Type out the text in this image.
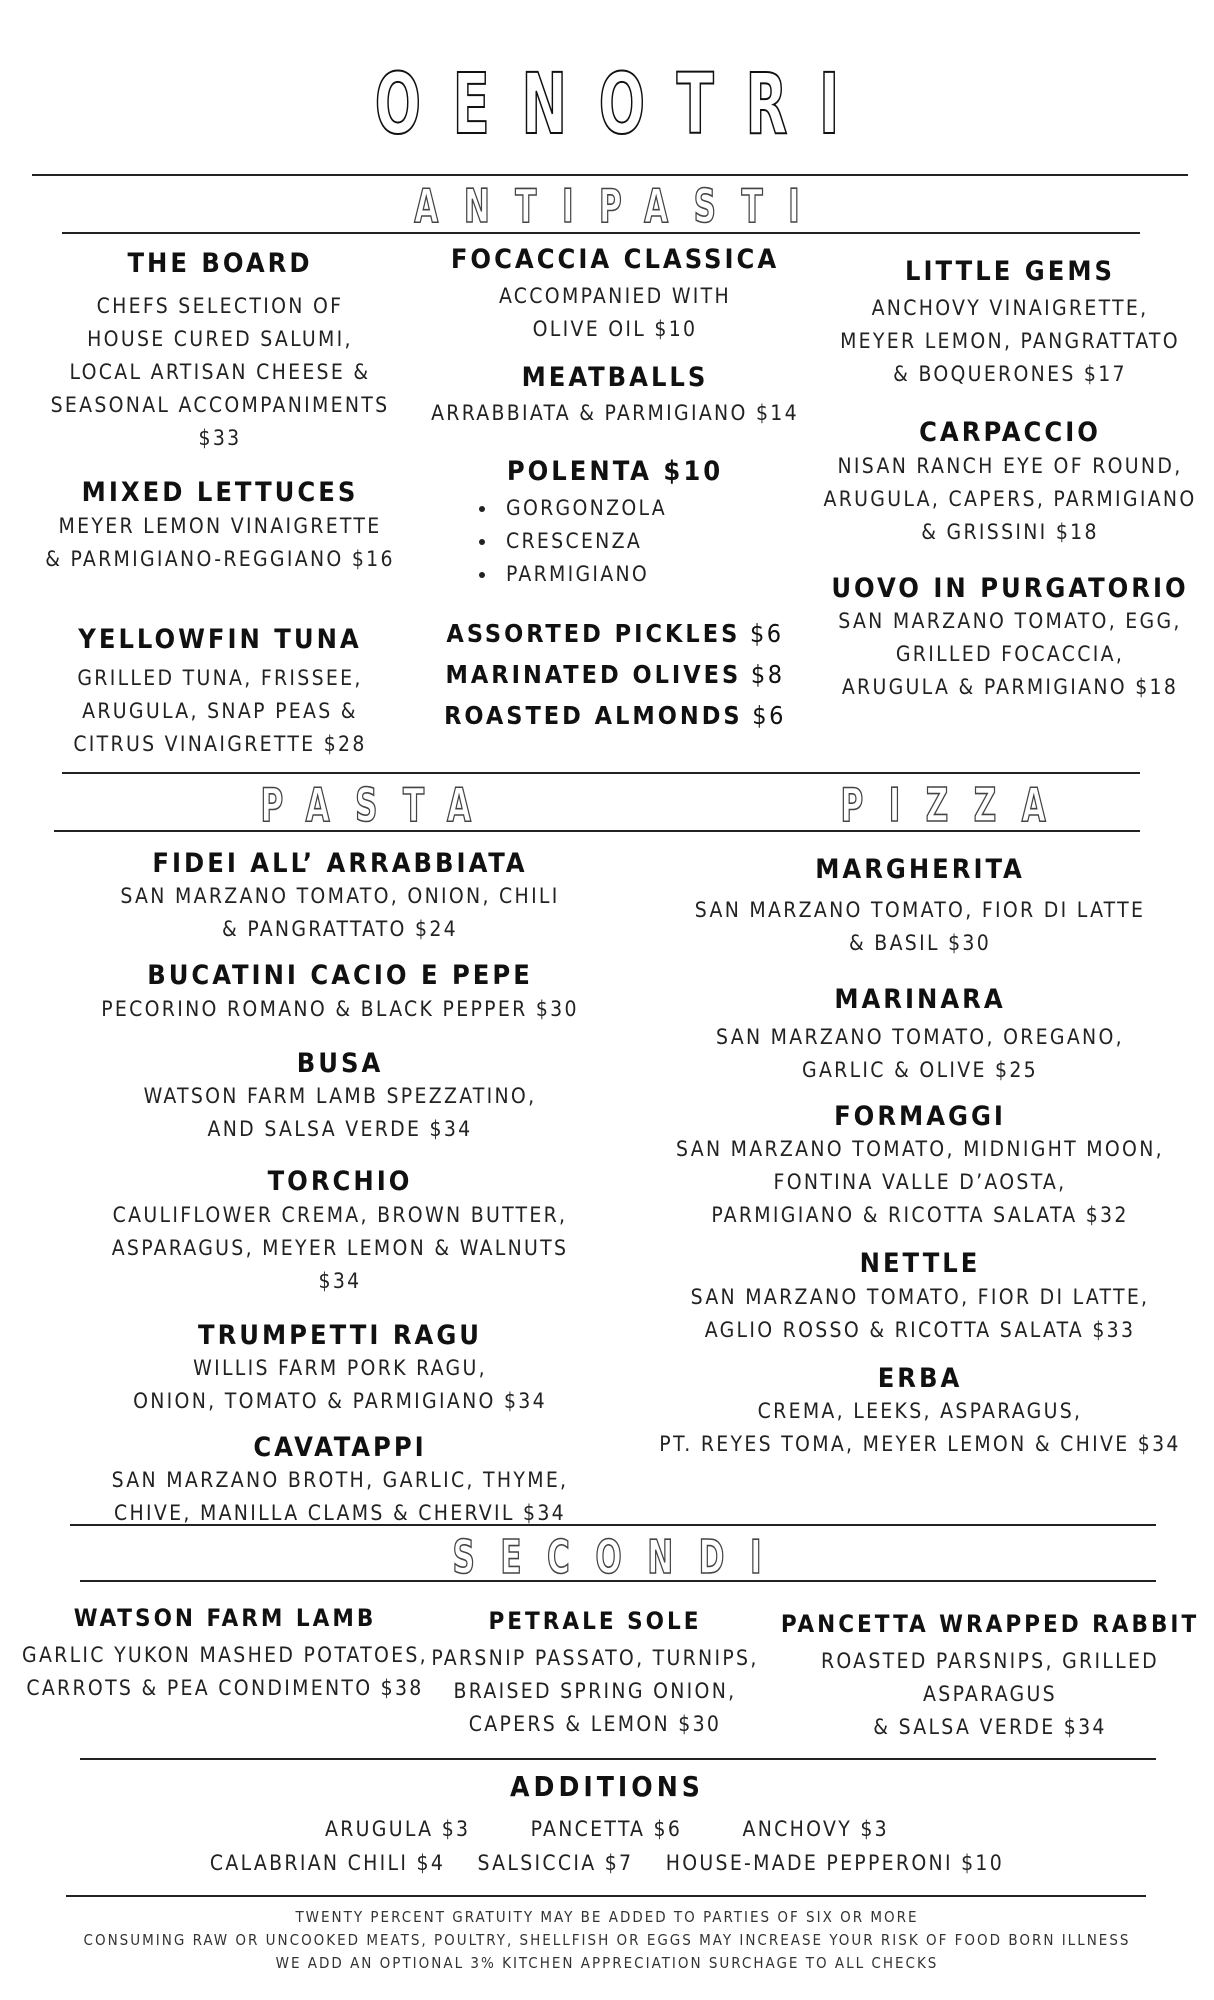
OENOTRI
ANTIPASTI
THE BOARD
CHEFS SELECTION OF
HOUSE CURED SALUMI,
LOCAL ARTISAN CHEESE &
SEASONAL ACCOMPANIMENTS $33
MIXED LETTUCES
MEYER LEMON VINAIGRETTE
& PARMIGIANO-REGGIANO $16
YELLOWFIN TUNA
GRILLED TUNA, FRISSEE,
ARUGULA, SNAP PEAS &
CITRUS VINAIGRETTE $28
FOCACCIA CLASSICA
ACCOMPANIED WITH
OLIVE OIL $10
MEATBALLS
ARRABBIATA & PARMIGIANO $14
POLENTA $10
• GORGONZOLA
• CRESCENZA
• PARMIGIANO
ASSORTED PICKLES $6
MARINATED OLIVES $8
ROASTED ALMONDS $6
LITTLE GEMS
ANCHOVY VINAIGRETTE,
MEYER LEMON, PANGRATTATO
& BOQUERONES $17
CARPACCIO
NISAN RANCH EYE OF ROUND,
ARUGULA, CAPERS, PARMIGIANO
& GRISSINI $18
UOVO IN PURGATORIO
SAN MARZANO TOMATO, EGG,
GRILLED FOCACCIA,
ARUGULA & PARMIGIANO $18
PASTA	PIZZA
FIDEI ALL’ ARRABBIATA
SAN MARZANO TOMATO, ONION, CHILI
& PANGRATTATO $24
BUCATINI CACIO E PEPE
PECORINO ROMANO & BLACK PEPPER $30
BUSA
WATSON FARM LAMB SPEZZATINO,
AND SALSA VERDE $34
TORCHIO
CAULIFLOWER CREMA, BROWN BUTTER,
ASPARAGUS, MEYER LEMON & WALNUTS $34
TRUMPETTI RAGU
WILLIS FARM PORK RAGU,
ONION, TOMATO & PARMIGIANO $34
CAVATAPPI
SAN MARZANO BROTH, GARLIC, THYME,
CHIVE, MANILLA CLAMS & CHERVIL $34
MARGHERITA
SAN MARZANO TOMATO, FIOR DI LATTE
& BASIL $30
MARINARA
SAN MARZANO TOMATO, OREGANO,
GARLIC & OLIVE $25
FORMAGGI
SAN MARZANO TOMATO, MIDNIGHT MOON,
FONTINA VALLE D’AOSTA,
PARMIGIANO & RICOTTA SALATA $32
NETTLE
SAN MARZANO TOMATO, FIOR DI LATTE,
AGLIO ROSSO & RICOTTA SALATA $33
ERBA
CREMA, LEEKS, ASPARAGUS,
PT. REYES TOMA, MEYER LEMON & CHIVE $34
SECONDI
WATSON FARM LAMB
GARLIC YUKON MASHED POTATOES,
CARROTS & PEA CONDIMENTO $38
PETRALE SOLE
PARSNIP PASSATO, TURNIPS,
BRAISED SPRING ONION,
CAPERS & LEMON $30
PANCETTA WRAPPED RABBIT
ROASTED PARSNIPS, GRILLED ASPARAGUS
& SALSA VERDE $34
ADDITIONS
ARUGULA $3	PANCETTA $6	ANCHOVY $3
CALABRIAN CHILI $4 SALSICCIA $7 HOUSE-MADE PEPPERONI $10
TWENTY PERCENT GRATUITY MAY BE ADDED TO PARTIES OF SIX OR MORE
CONSUMING RAW OR UNCOOKED MEATS, POULTRY, SHELLFISH OR EGGS MAY INCREASE YOUR RISK OF FOOD BORN ILLNESS
WE ADD AN OPTIONAL 3% KITCHEN APPRECIATION SURCHAGE TO ALL CHECKS
